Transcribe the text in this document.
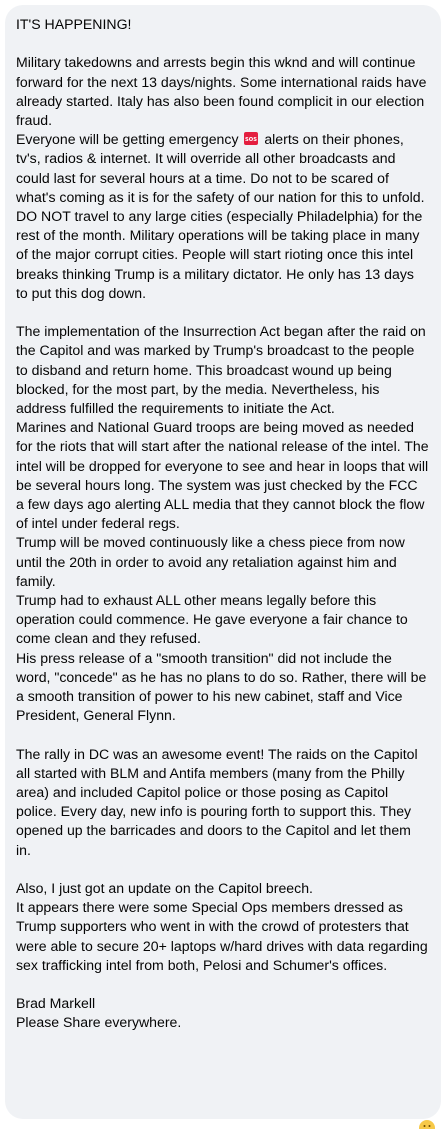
IT'S HAPPENING!

Military takedowns and arrests begin this wknd and will continue forward for the next 13 days/nights. Some international raids have already started. Italy has also been found complicit in our election fraud.

Everyone will be getting emergency SOS alerts on their phones, tv's, radios & internet. It will override all other broadcasts and could last for several hours at a time. Do not to be scared of what's coming as it is for the safety of our nation for this to unfold.

DO NOT travel to any large cities (especially Philadelphia) for the rest of the month. Military operations will be taking place in many of the major corrupt cities. People will start rioting once this intel breaks thinking Trump is a military dictator. He only has 13 days to put this dog down.

The implementation of the Insurrection Act began after the raid on the Capitol and was marked by Trump's broadcast to the people to disband and return home. This broadcast wound up being blocked, for the most part, by the media. Nevertheless, his address fulfilled the requirements to initiate the Act.

Marines and National Guard troops are being moved as needed for the riots that will start after the national release of the intel. The intel will be dropped for everyone to see and hear in loops that will be several hours long. The system was just checked by the FCC a few days ago alerting ALL media that they cannot block the flow of intel under federal regs.

Trump will be moved continuously like a chess piece from now until the 20th in order to avoid any retaliation against him and family.

Trump had to exhaust ALL other means legally before this operation could commence. He gave everyone a fair chance to come clean and they refused.

His press release of a "smooth transition" did not include the word, "concede" as he has no plans to do so. Rather, there will be a smooth transition of power to his new cabinet, staff and Vice President, General Flynn.

The rally in DC was an awesome event! The raids on the Capitol all started with BLM and Antifa members (many from the Philly area) and included Capitol police or those posing as Capitol police. Every day, new info is pouring forth to support this. They opened up the barricades and doors to the Capitol and let them in.

Also, I just got an update on the Capitol breech.

It appears there were some Special Ops members dressed as Trump supporters who went in with the crowd of protesters that were able to secure 20+ laptops w/hard drives with data regarding sex trafficking intel from both, Pelosi and Schumer's offices.

Brad Markell

Please Share everywhere.
